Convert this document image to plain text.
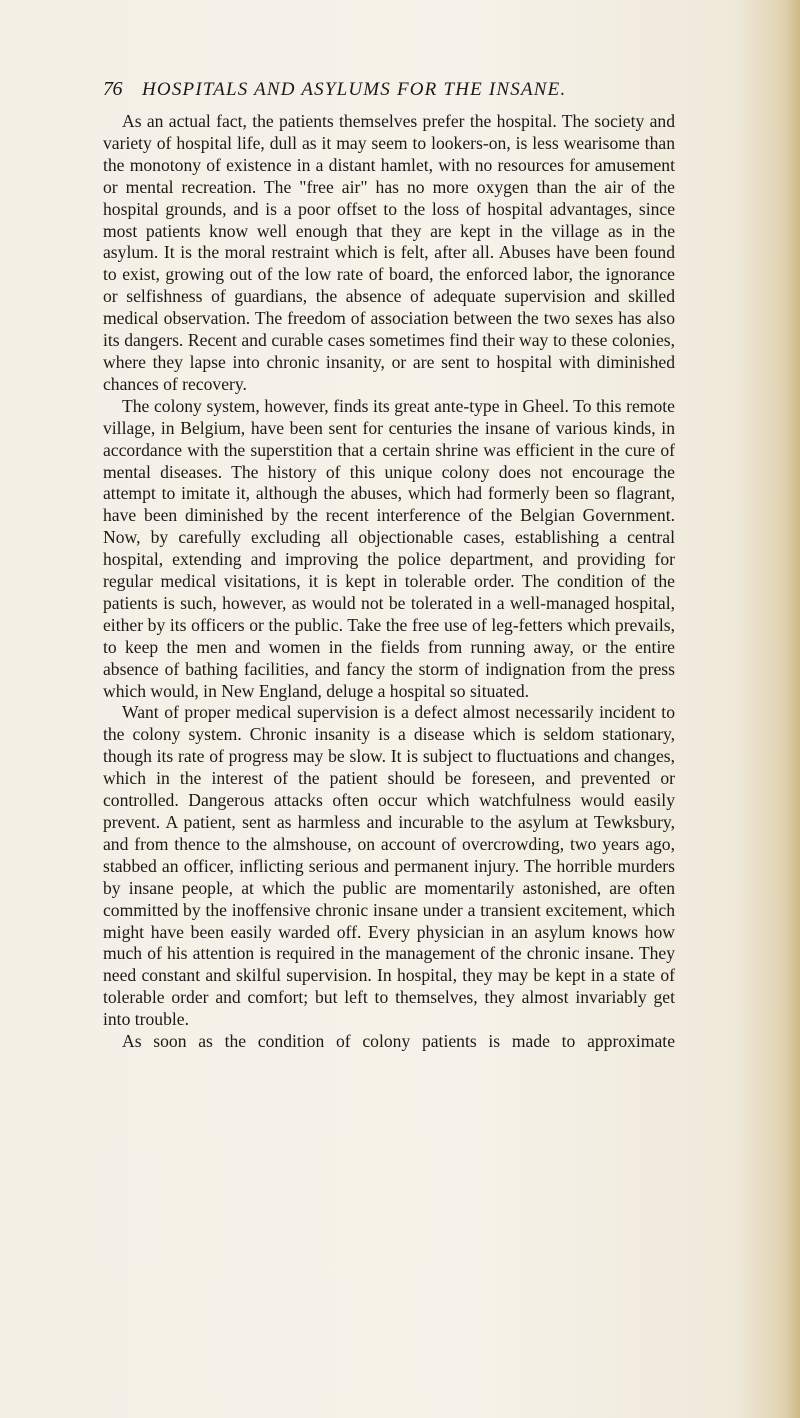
76 HOSPITALS AND ASYLUMS FOR THE INSANE.

As an actual fact, the patients themselves prefer the hospital. The society and variety of hospital life, dull as it may seem to lookers-on, is less wearisome than the monotony of existence in a distant hamlet, with no resources for amusement or mental recreation. The "free air" has no more oxygen than the air of the hospital grounds, and is a poor offset to the loss of hospital advantages, since most patients know well enough that they are kept in the village as in the asylum. It is the moral restraint which is felt, after all. Abuses have been found to exist, growing out of the low rate of board, the enforced labor, the ignorance or selfishness of guardians, the absence of adequate supervision and skilled medical observation. The freedom of association between the two sexes has also its dangers. Recent and curable cases sometimes find their way to these colonies, where they lapse into chronic insanity, or are sent to hospital with diminished chances of recovery.

The colony system, however, finds its great ante-type in Gheel. To this remote village, in Belgium, have been sent for centuries the insane of various kinds, in accordance with the superstition that a certain shrine was efficient in the cure of mental diseases. The history of this unique colony does not encourage the attempt to imitate it, although the abuses, which had formerly been so flagrant, have been diminished by the recent interference of the Belgian Government. Now, by carefully excluding all objectionable cases, establishing a central hospital, extending and improving the police department, and providing for regular medical visitations, it is kept in tolerable order. The condition of the patients is such, however, as would not be tolerated in a well-managed hospital, either by its officers or the public. Take the free use of leg-fetters which prevails, to keep the men and women in the fields from running away, or the entire absence of bathing facilities, and fancy the storm of indignation from the press which would, in New England, deluge a hospital so situated.

Want of proper medical supervision is a defect almost necessarily incident to the colony system. Chronic insanity is a disease which is seldom stationary, though its rate of progress may be slow. It is subject to fluctuations and changes, which in the interest of the patient should be foreseen, and prevented or controlled. Dangerous attacks often occur which watchfulness would easily prevent. A patient, sent as harmless and incurable to the asylum at Tewksbury, and from thence to the almshouse, on account of overcrowding, two years ago, stabbed an officer, inflicting serious and permanent injury. The horrible murders by insane people, at which the public are momentarily astonished, are often committed by the inoffensive chronic insane under a transient excitement, which might have been easily warded off. Every physician in an asylum knows how much of his attention is required in the management of the chronic insane. They need constant and skilful supervision. In hospital, they may be kept in a state of tolerable order and comfort; but left to themselves, they almost invariably get into trouble.

As soon as the condition of colony patients is made to approximate
